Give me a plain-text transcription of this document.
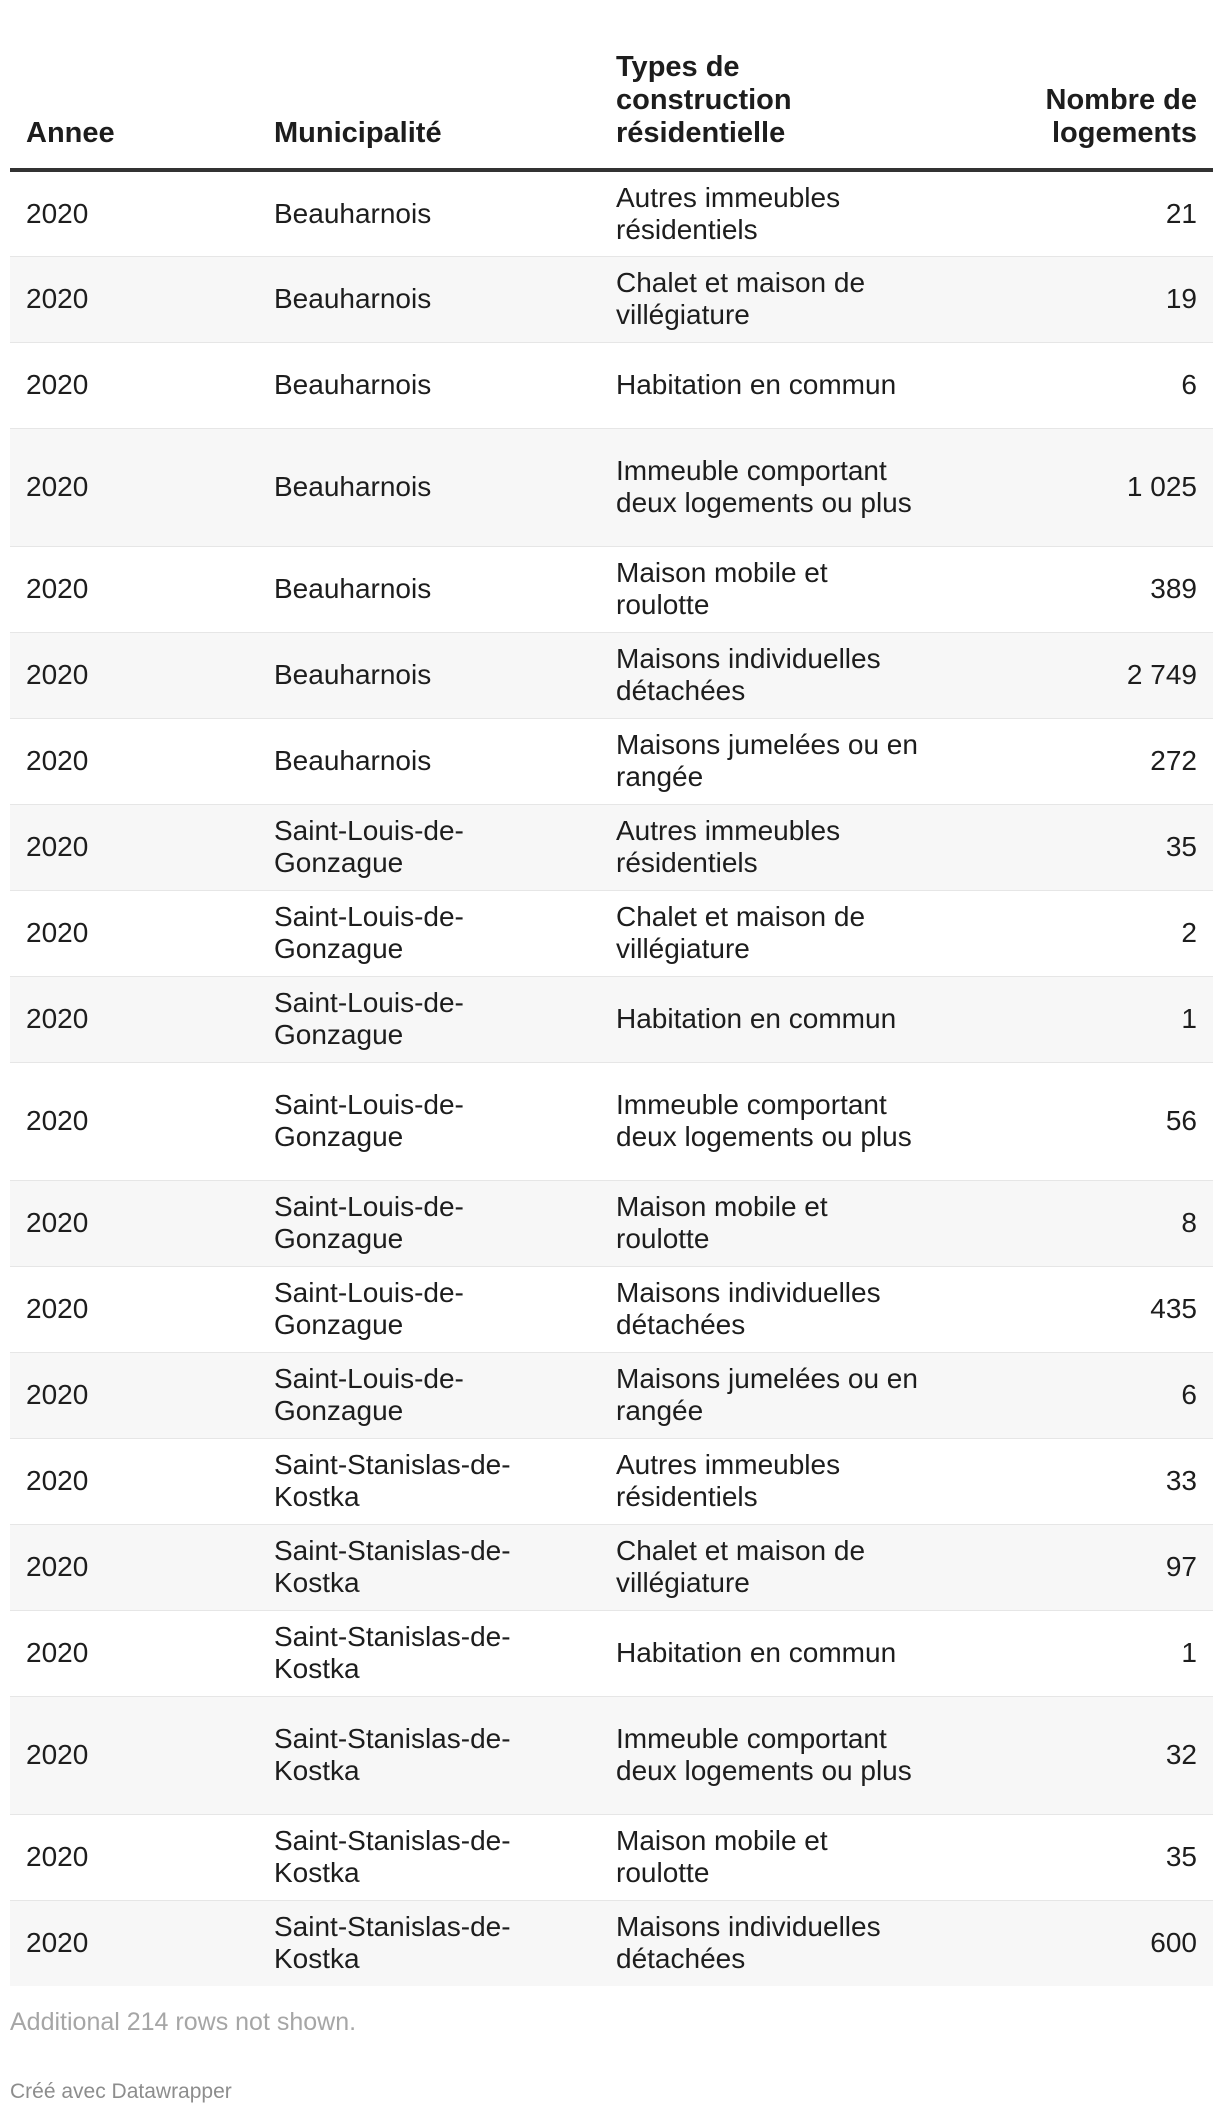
Annee	Municipalité	Types de construction résidentielle	Nombre de logements
2020	Beauharnois	Autres immeubles résidentiels	21
2020	Beauharnois	Chalet et maison de villégiature	19
2020	Beauharnois	Habitation en commun	6
2020	Beauharnois	Immeuble comportant deux logements ou plus	1 025
2020	Beauharnois	Maison mobile et roulotte	389
2020	Beauharnois	Maisons individuelles détachées	2 749
2020	Beauharnois	Maisons jumelées ou en rangée	272
2020	Saint-Louis-de-Gonzague	Autres immeubles résidentiels	35
2020	Saint-Louis-de-Gonzague	Chalet et maison de villégiature	2
2020	Saint-Louis-de-Gonzague	Habitation en commun	1
2020	Saint-Louis-de-Gonzague	Immeuble comportant deux logements ou plus	56
2020	Saint-Louis-de-Gonzague	Maison mobile et roulotte	8
2020	Saint-Louis-de-Gonzague	Maisons individuelles détachées	435
2020	Saint-Louis-de-Gonzague	Maisons jumelées ou en rangée	6
2020	Saint-Stanislas-de-Kostka	Autres immeubles résidentiels	33
2020	Saint-Stanislas-de-Kostka	Chalet et maison de villégiature	97
2020	Saint-Stanislas-de-Kostka	Habitation en commun	1
2020	Saint-Stanislas-de-Kostka	Immeuble comportant deux logements ou plus	32
2020	Saint-Stanislas-de-Kostka	Maison mobile et roulotte	35
2020	Saint-Stanislas-de-Kostka	Maisons individuelles détachées	600
Additional 214 rows not shown.
Créé avec Datawrapper
